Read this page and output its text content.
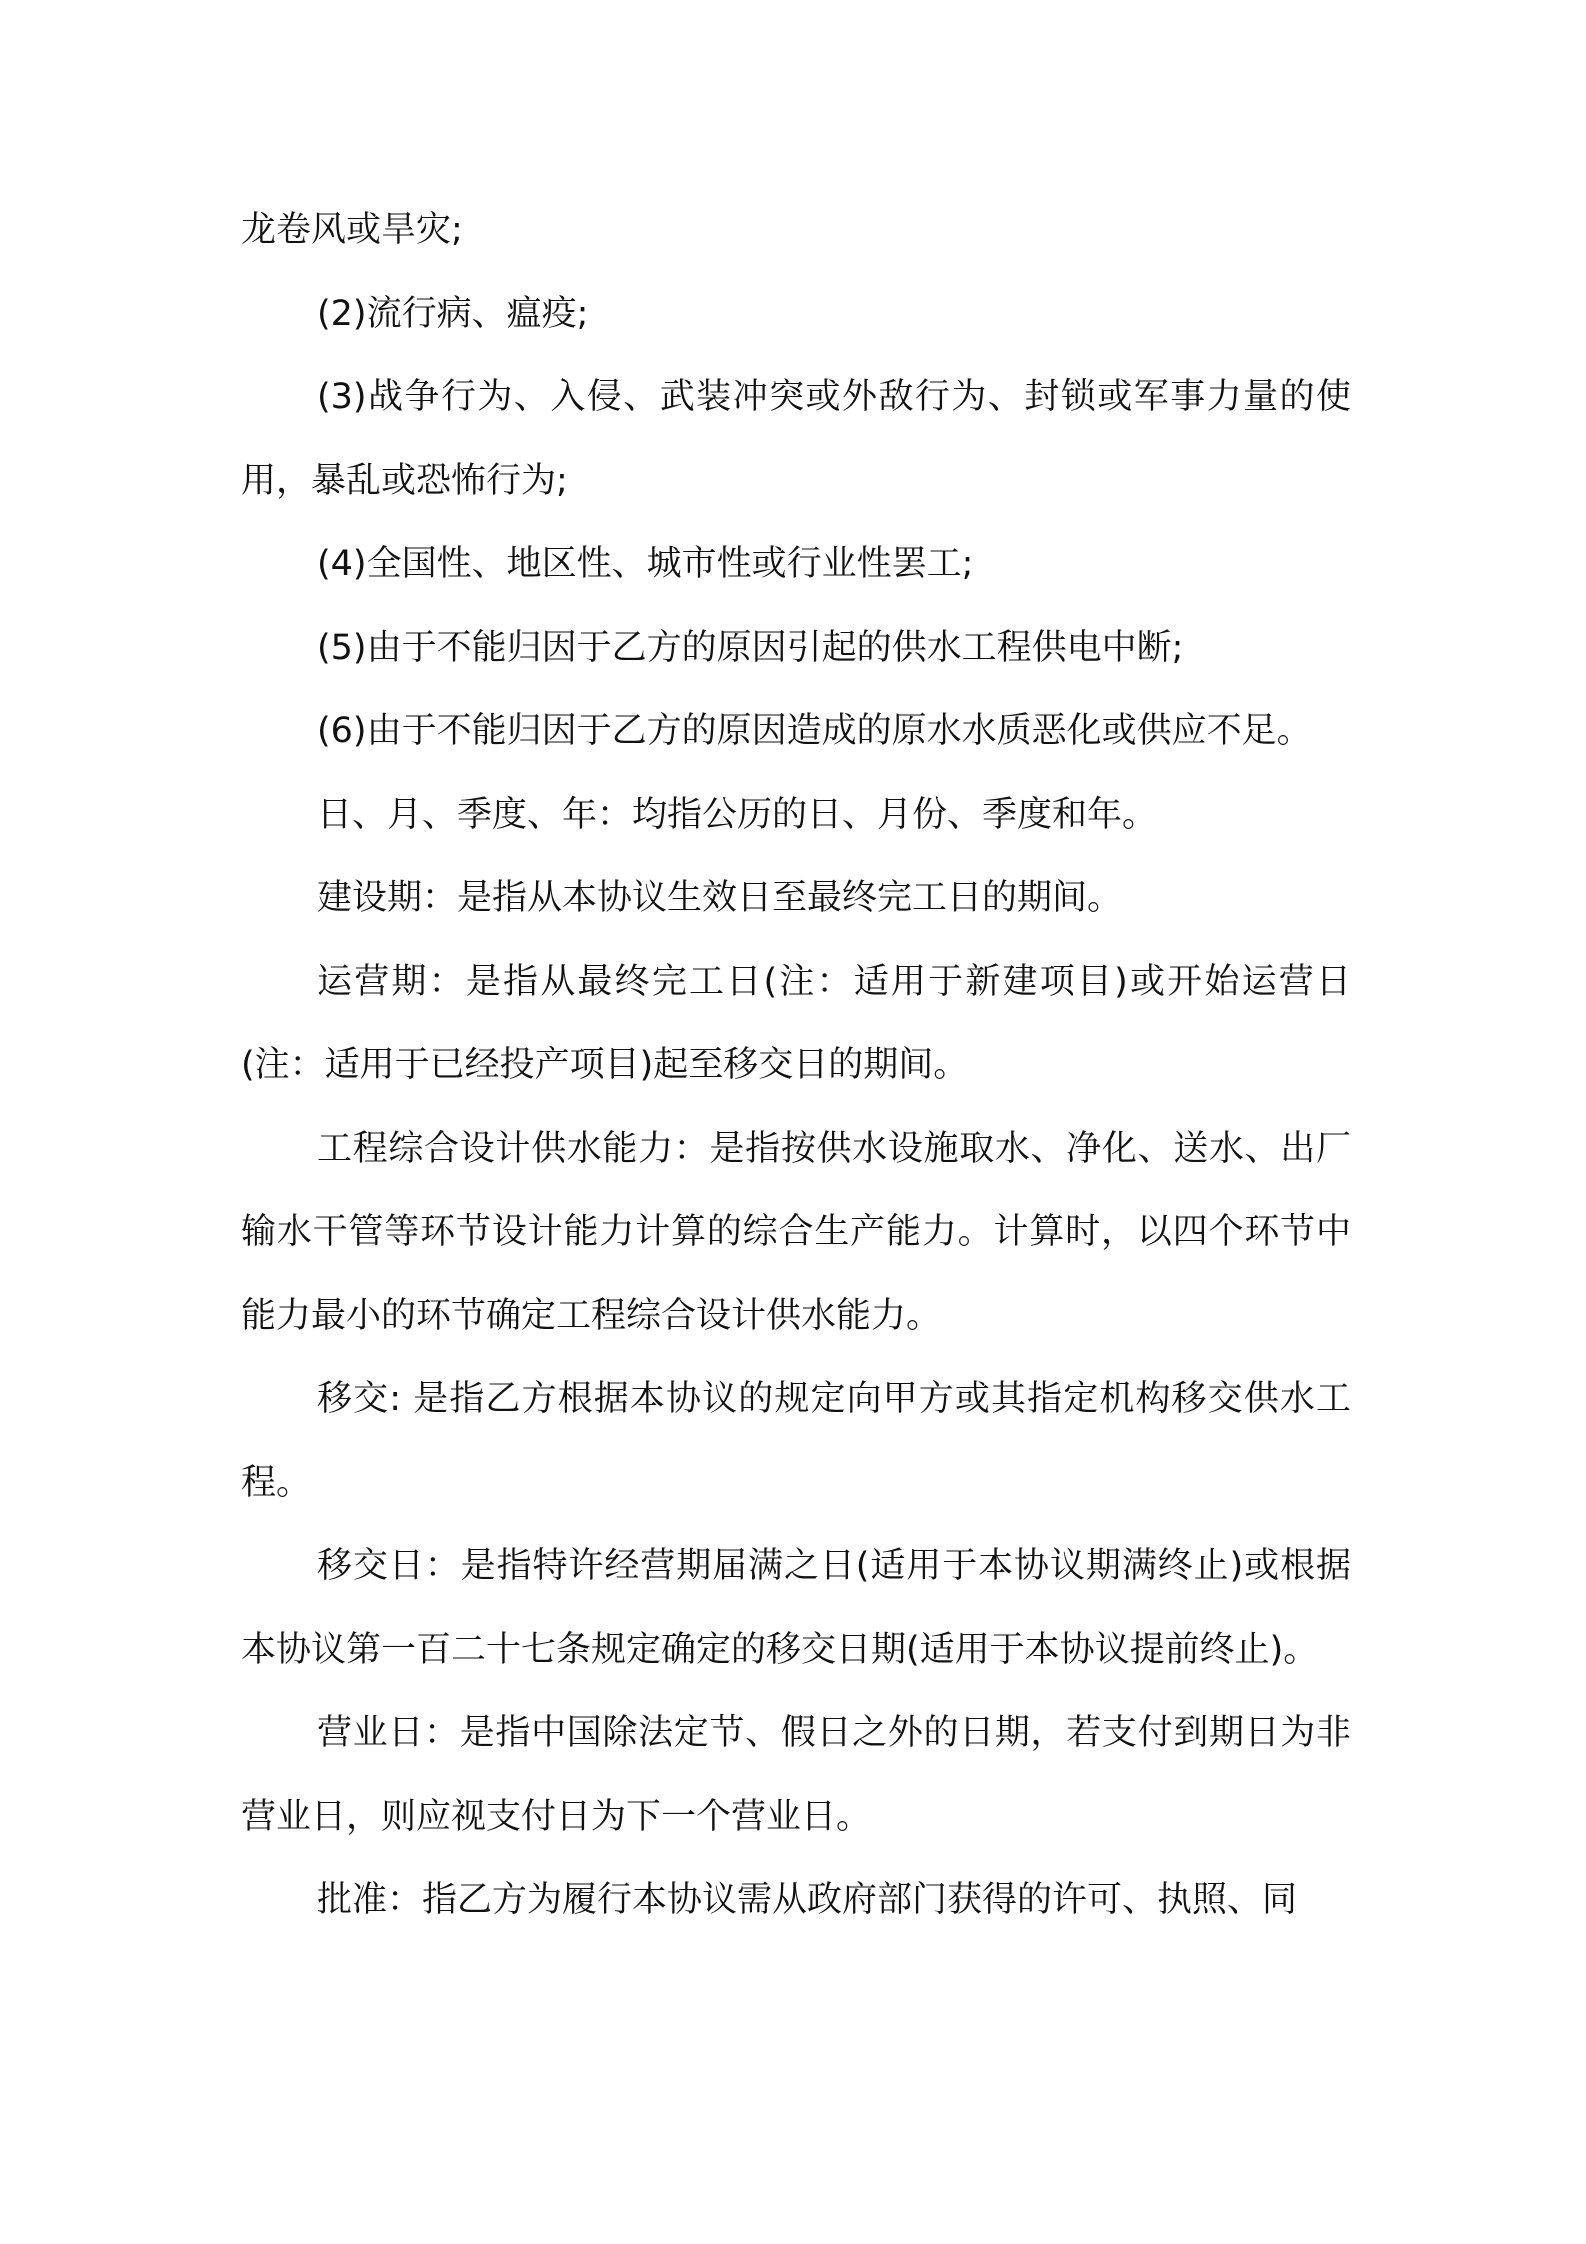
龙卷风或旱灾;

(2)流行病、瘟疫;

(3)战争行为、入侵、武装冲突或外敌行为、封锁或军事力量的使用，暴乱或恐怖行为;

(4)全国性、地区性、城市性或行业性罢工;

(5)由于不能归因于乙方的原因引起的供水工程供电中断;

(6)由于不能归因于乙方的原因造成的原水水质恶化或供应不足。

日、月、季度、年：均指公历的日、月份、季度和年。

建设期：是指从本协议生效日至最终完工日的期间。

运营期：是指从最终完工日(注：适用于新建项目)或开始运营日(注：适用于已经投产项目)起至移交日的期间。

工程综合设计供水能力：是指按供水设施取水、净化、送水、出厂输水干管等环节设计能力计算的综合生产能力。计算时，以四个环节中能力最小的环节确定工程综合设计供水能力。

移交: 是指乙方根据本协议的规定向甲方或其指定机构移交供水工程。

移交日：是指特许经营期届满之日(适用于本协议期满终止)或根据本协议第一百二十七条规定确定的移交日期(适用于本协议提前终止)。

营业日：是指中国除法定节、假日之外的日期，若支付到期日为非营业日，则应视支付日为下一个营业日。

批准：指乙方为履行本协议需从政府部门获得的许可、执照、同
